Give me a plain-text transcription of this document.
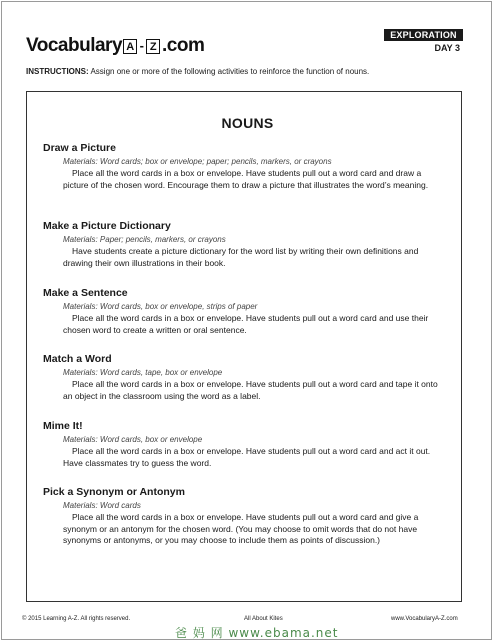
Vocabulary A - Z .com	EXPLORATION
DAY 3
INSTRUCTIONS: Assign one or more of the following activities to reinforce the function of nouns.
NOUNS

Draw a Picture

Materials: Word cards; box or envelope; paper; pencils, markers, or crayons
Place all the word cards in a box or envelope. Have students pull out a word card and draw a picture of the chosen word. Encourage them to draw a picture that illustrates the word’s meaning.

Make a Picture Dictionary

Materials: Paper; pencils, markers, or crayons
Have students create a picture dictionary for the word list by writing their own definitions and drawing their own illustrations in their book.

Make a Sentence

Materials: Word cards, box or envelope, strips of paper
Place all the word cards in a box or envelope. Have students pull out a word card and use their chosen word to create a written or oral sentence.

Match a Word

Materials: Word cards, tape, box or envelope
Place all the word cards in a box or envelope. Have students pull out a word card and tape it onto an object in the classroom using the word as a label.

Mime It!

Materials: Word cards, box or envelope
Place all the word cards in a box or envelope. Have students pull out a word card and act it out. Have classmates try to guess the word.

Pick a Synonym or Antonym

Materials: Word cards
Place all the word cards in a box or envelope. Have students pull out a word card and give a synonym or an antonym for the chosen word. (You may choose to omit words that do not have synonyms or antonyms, or you may choose to include them as points of discussion.)
© 2015 Learning A-Z. All rights reserved.	All About Kites	www.VocabularyA-Z.com
爸 妈 网 www.ebama.net
